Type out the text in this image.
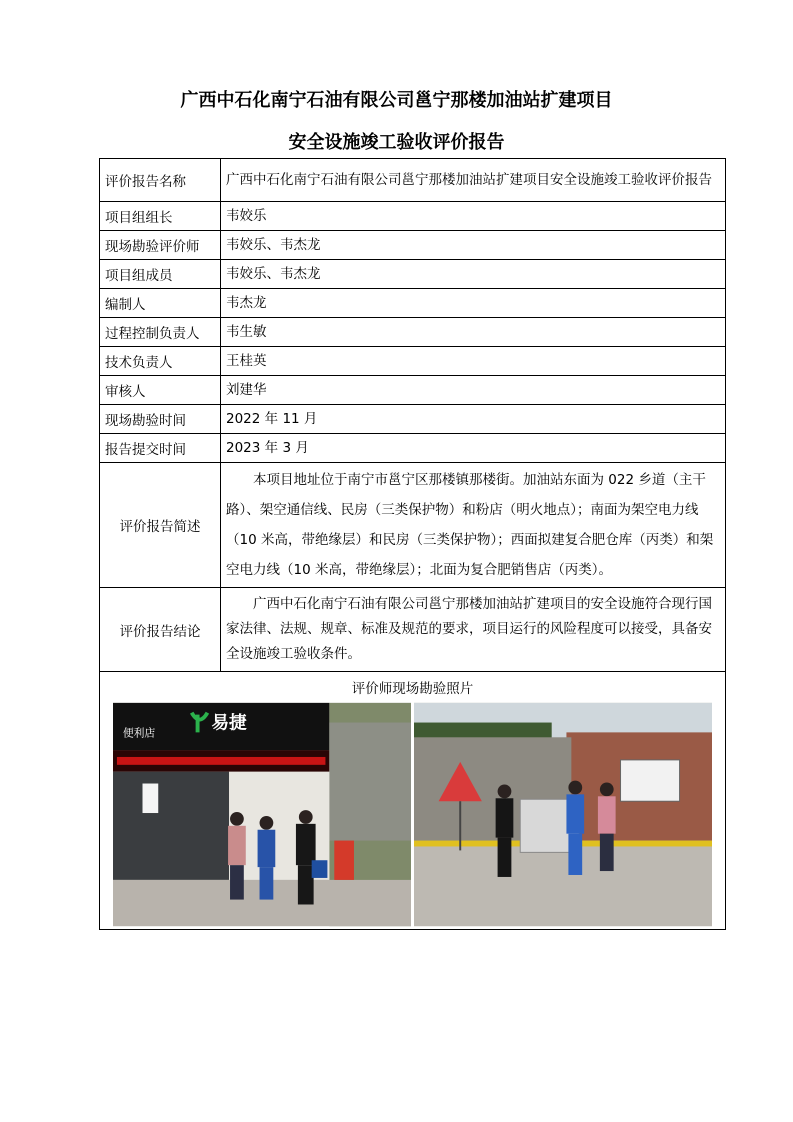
广西中石化南宁石油有限公司邕宁那楼加油站扩建项目
安全设施竣工验收评价报告
评价报告名称	广西中石化南宁石油有限公司邕宁那楼加油站扩建项目安全设施竣工验收评价报告
项目组组长	韦姣乐
现场勘验评价师	韦姣乐、韦杰龙
项目组成员	韦姣乐、韦杰龙
编制人	韦杰龙
过程控制负责人	韦生敏
技术负责人	王桂英
审核人	刘建华
现场勘验时间	2022 年 11 月
报告提交时间	2023 年 3 月
评价报告简述	本项目地址位于南宁市邕宁区那楼镇那楼街。加油站东面为 022 乡道（主干路）、架空通信线、民房（三类保护物）和粉店（明火地点）；南面为架空电力线（10 米高，带绝缘层）和民房（三类保护物）；西面拟建复合肥仓库（丙类）和架空电力线（10 米高，带绝缘层）；北面为复合肥销售店（丙类）。
评价报告结论	广西中石化南宁石油有限公司邕宁那楼加油站扩建项目的安全设施符合现行国家法律、法规、规章、标准及规范的要求，项目运行的风险程度可以接受，具备安全设施竣工验收条件。

评价师现场勘验照片
便利店 易捷	
